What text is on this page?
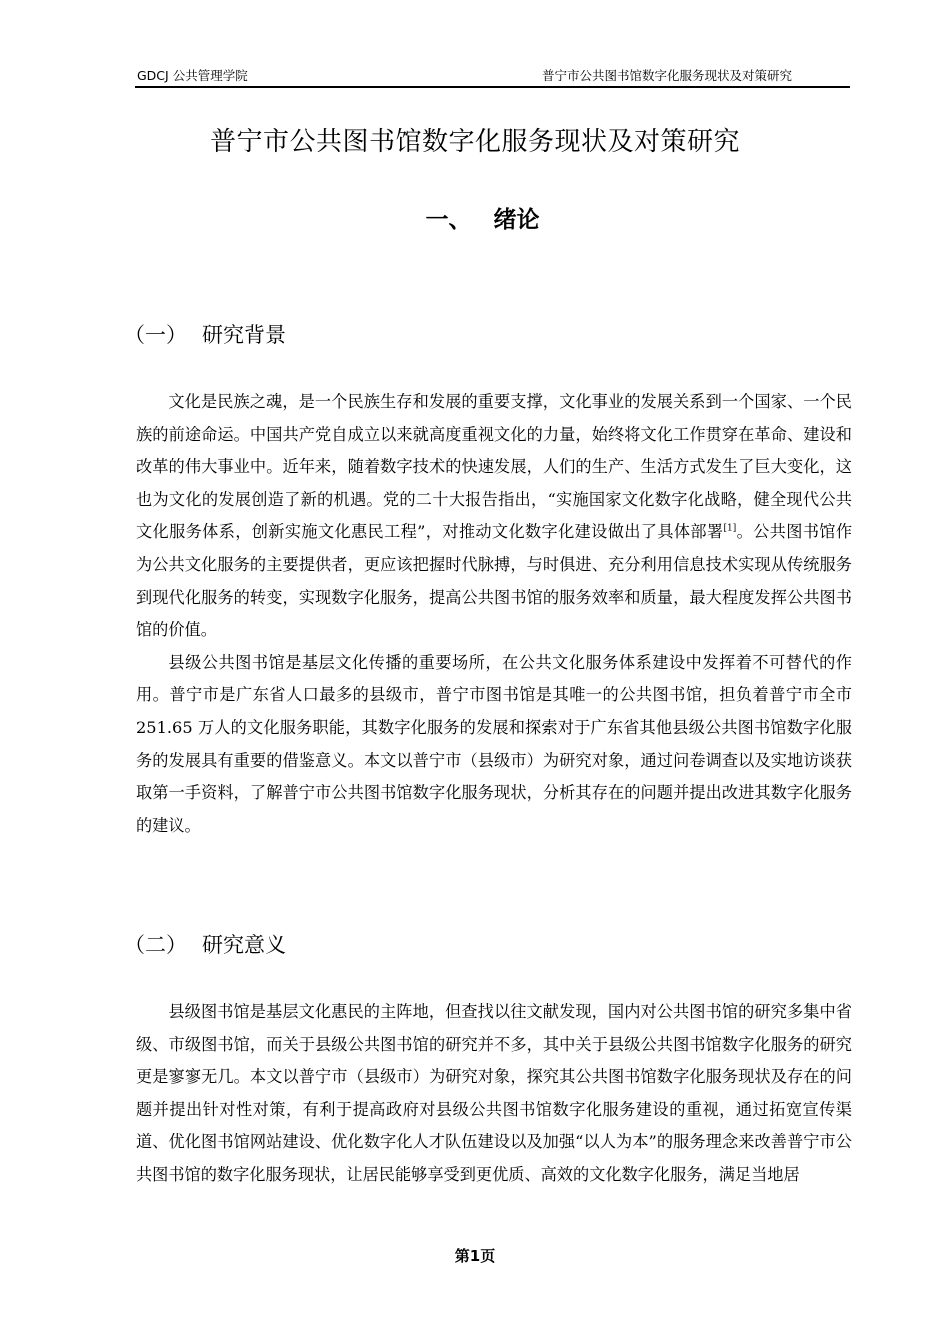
GDCJ 公共管理学院	普宁市公共图书馆数字化服务现状及对策研究
普宁市公共图书馆数字化服务现状及对策研究
一、 绪论
（一） 研究背景

文化是民族之魂，是一个民族生存和发展的重要支撑，文化事业的发展关系到一个国家、一个民族的前途命运。中国共产党自成立以来就高度重视文化的力量，始终将文化工作贯穿在革命、建设和改革的伟大事业中。近年来，随着数字技术的快速发展，人们的生产、生活方式发生了巨大变化，这也为文化的发展创造了新的机遇。党的二十大报告指出，“实施国家文化数字化战略，健全现代公共文化服务体系，创新实施文化惠民工程”，对推动文化数字化建设做出了具体部署[1]。公共图书馆作为公共文化服务的主要提供者，更应该把握时代脉搏，与时俱进、充分利用信息技术实现从传统服务到现代化服务的转变，实现数字化服务，提高公共图书馆的服务效率和质量，最大程度发挥公共图书馆的价值。

县级公共图书馆是基层文化传播的重要场所，在公共文化服务体系建设中发挥着不可替代的作用。普宁市是广东省人口最多的县级市，普宁市图书馆是其唯一的公共图书馆，担负着普宁市全市 251.65 万人的文化服务职能，其数字化服务的发展和探索对于广东省其他县级公共图书馆数字化服务的发展具有重要的借鉴意义。本文以普宁市（县级市）为研究对象，通过问卷调查以及实地访谈获取第一手资料，了解普宁市公共图书馆数字化服务现状，分析其存在的问题并提出改进其数字化服务的建议。

（二） 研究意义

县级图书馆是基层文化惠民的主阵地，但查找以往文献发现，国内对公共图书馆的研究多集中省级、市级图书馆，而关于县级公共图书馆的研究并不多，其中关于县级公共图书馆数字化服务的研究更是寥寥无几。本文以普宁市（县级市）为研究对象，探究其公共图书馆数字化服务现状及存在的问题并提出针对性对策，有利于提高政府对县级公共图书馆数字化服务建设的重视，通过拓宽宣传渠道、优化图书馆网站建设、优化数字化人才队伍建设以及加强“以人为本”的服务理念来改善普宁市公共图书馆的数字化服务现状，让居民能够享受到更优质、高效的文化数字化服务，满足当地居

第1页
